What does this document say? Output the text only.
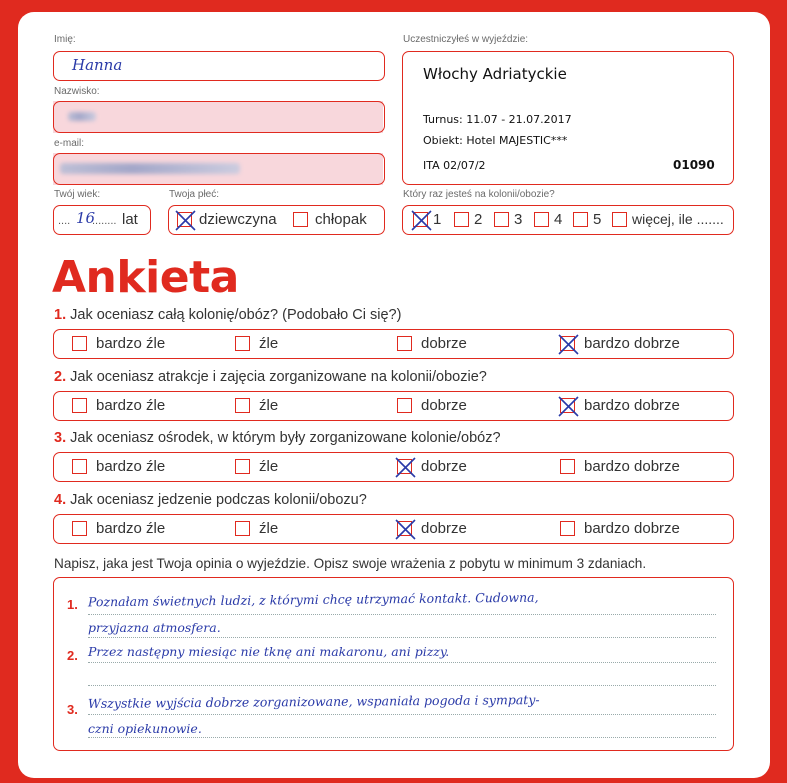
Imię:
Hanna
Nazwisko:
e-mail:
Twój wiek:
.... 16
........ lat
Twoja płeć:
dziewczyna	chłopak
Uczestniczyłeś w wyjeździe:
Włochy Adriatyckie
Turnus: 11.07 - 21.07.2017
Obiekt: Hotel MAJESTIC***
ITA 02/07/2	01090
Który raz jesteś na kolonii/obozie?
1 2 3 4 5 więcej, ile .......
Ankieta
1. Jak oceniasz całą kolonię/obóz? (Podobało Ci się?)
bardzo źle	źle	dobrze	bardzo dobrze
2. Jak oceniasz atrakcje i zajęcia zorganizowane na kolonii/obozie?
bardzo źle	źle	dobrze	bardzo dobrze
3. Jak oceniasz ośrodek, w którym były zorganizowane kolonie/obóz?
bardzo źle	źle	dobrze	bardzo dobrze
4. Jak oceniasz jedzenie podczas kolonii/obozu?
bardzo źle	źle	dobrze	bardzo dobrze
Napisz, jaka jest Twoja opinia o wyjeździe. Opisz swoje wrażenia z pobytu w minimum 3 zdaniach.
1. Poznałam świetnych ludzi, z którymi chcę utrzymać kontakt. Cudowna,
przyjazna atmosfera.
2. Przez następny miesiąc nie tknę ani makaronu, ani pizzy.
3. Wszystkie wyjścia dobrze zorganizowane, wspaniała pogoda i sympaty-
czni opiekunowie.
